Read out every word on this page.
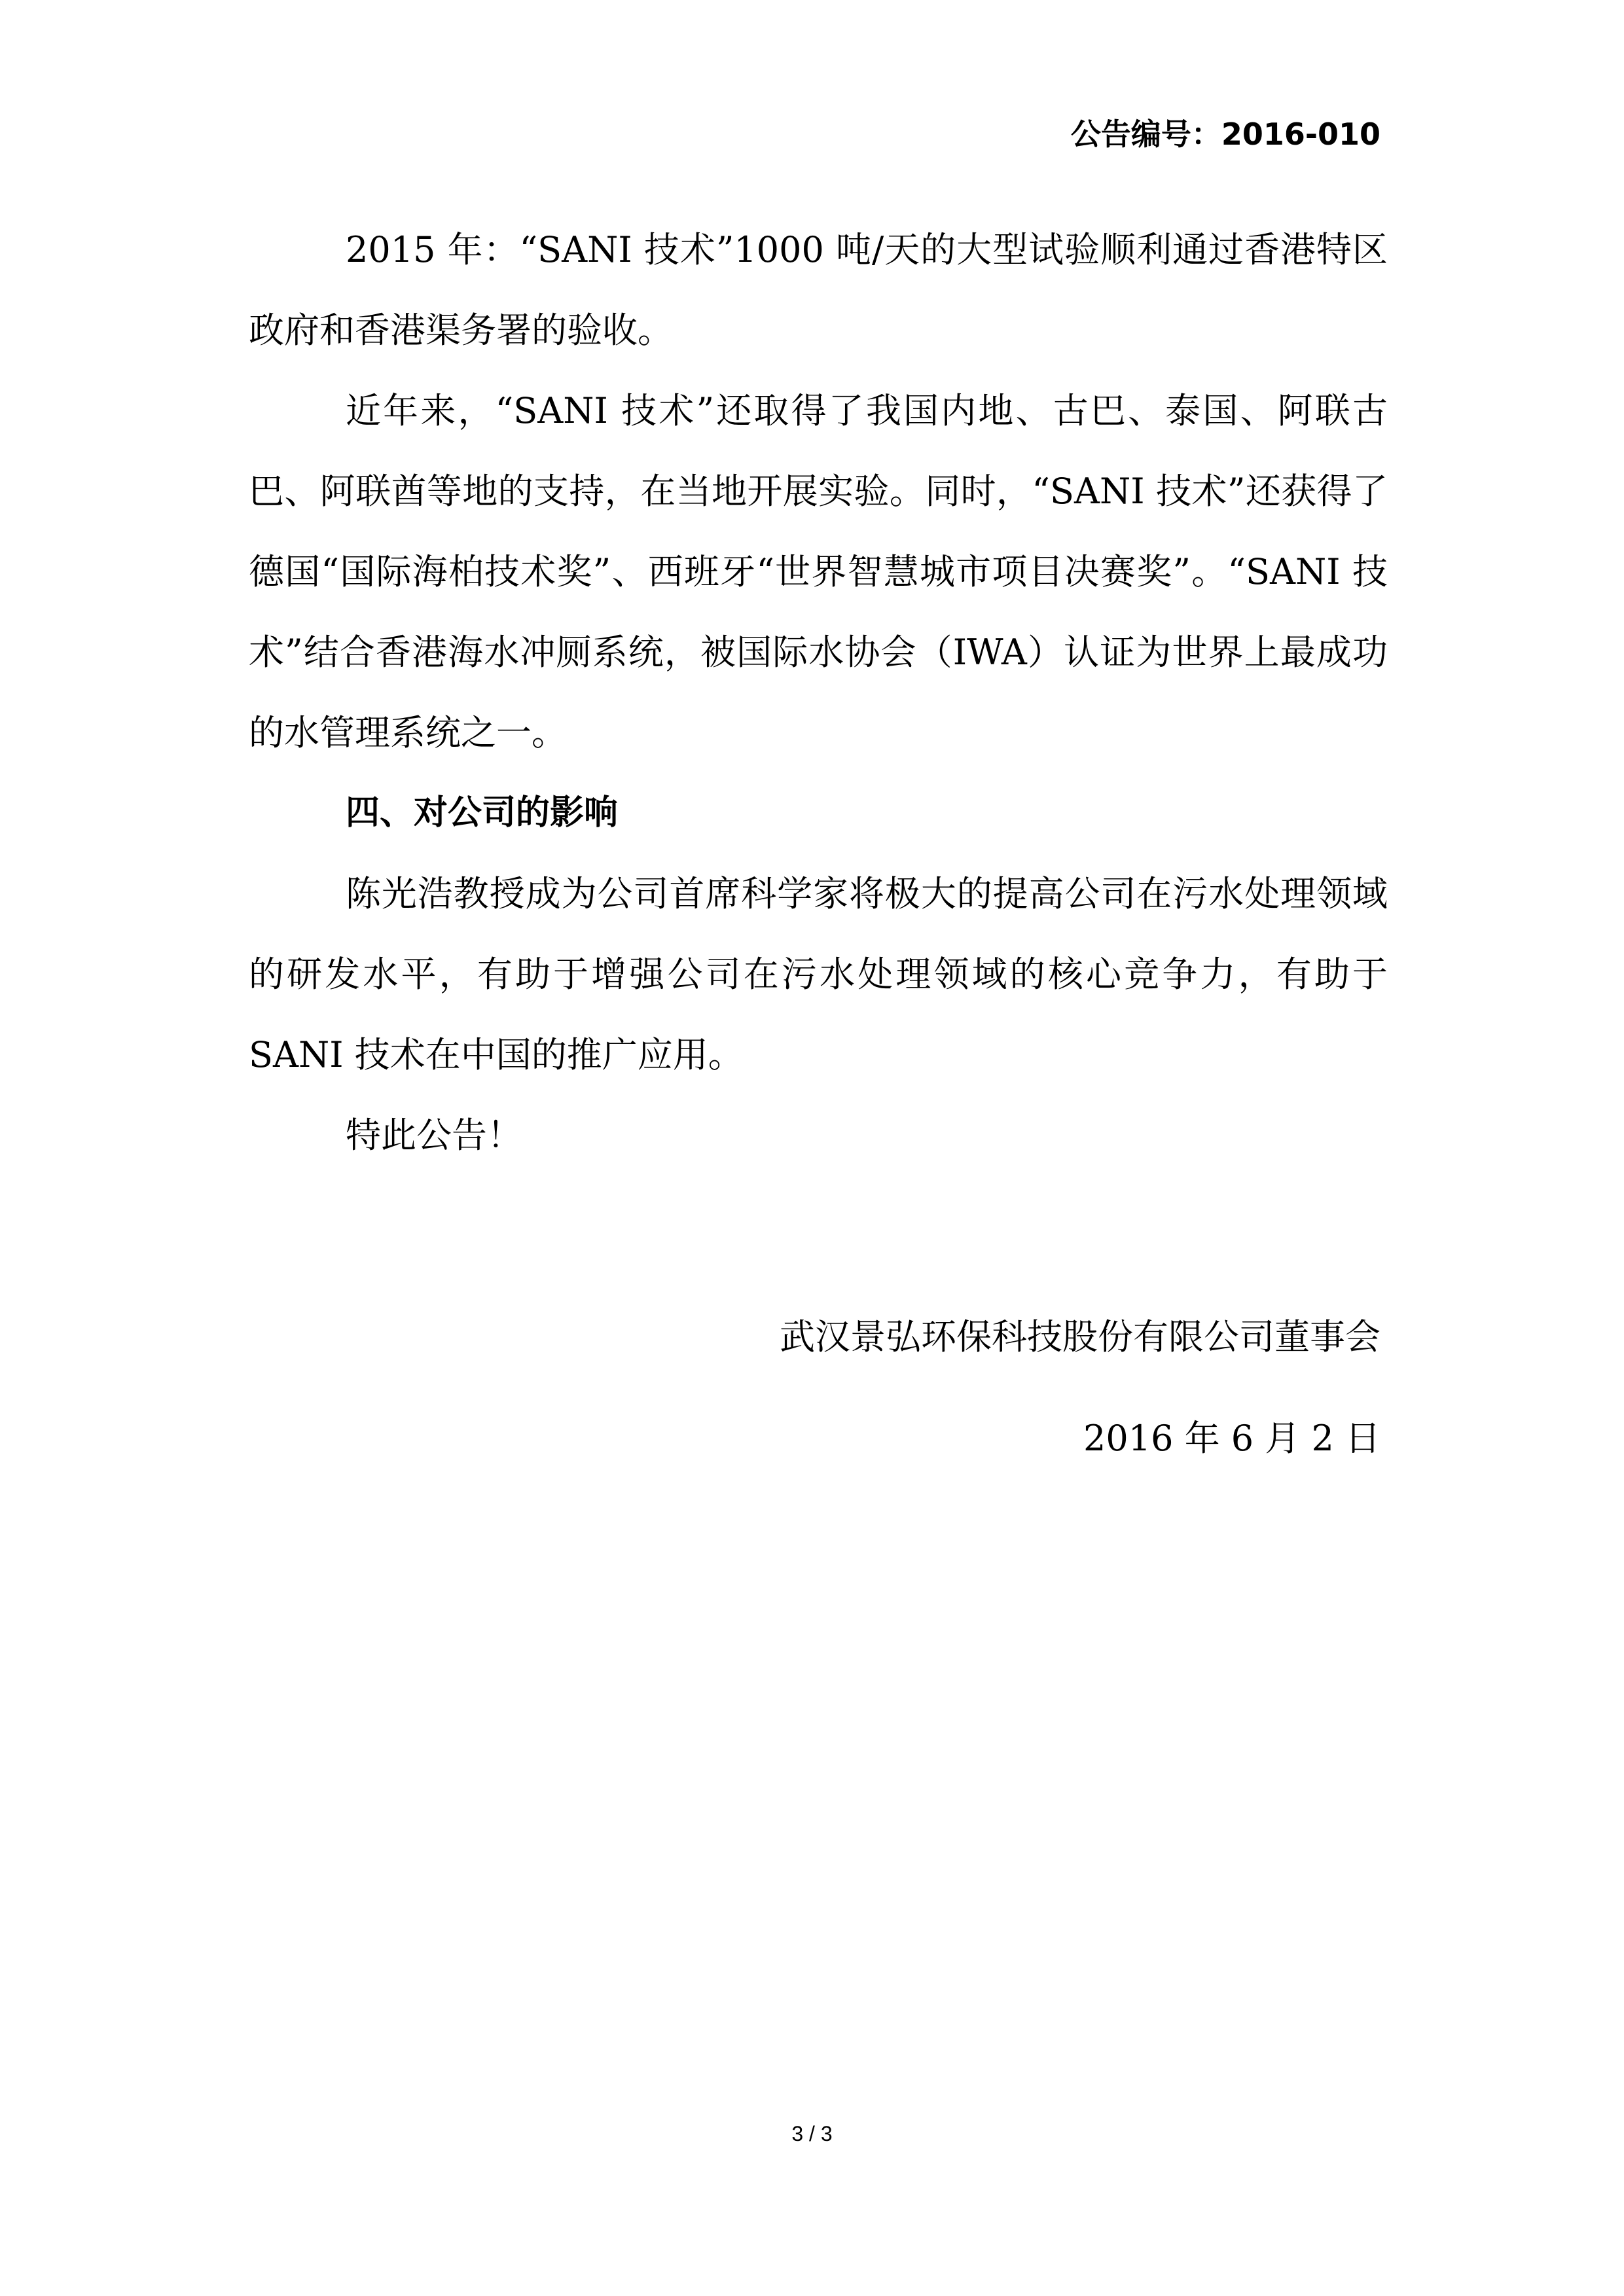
公告编号：2016-010

2015 年：“SANI 技术”1000 吨/天的大型试验顺利通过香港特区政府和香港渠务署的验收。

近年来，“SANI 技术”还取得了我国内地、古巴、泰国、阿联古巴、阿联酋等地的支持，在当地开展实验。同时，“SANI 技术”还获得了德国“国际海柏技术奖”、西班牙“世界智慧城市项目决赛奖”。“SANI 技术”结合香港海水冲厕系统，被国际水协会（IWA）认证为世界上最成功的水管理系统之一。

四、对公司的影响

陈光浩教授成为公司首席科学家将极大的提高公司在污水处理领域的研发水平，有助于增强公司在污水处理领域的核心竞争力，有助于 SANI 技术在中国的推广应用。

特此公告！

武汉景弘环保科技股份有限公司董事会
2016 年 6 月 2 日
3 / 3
